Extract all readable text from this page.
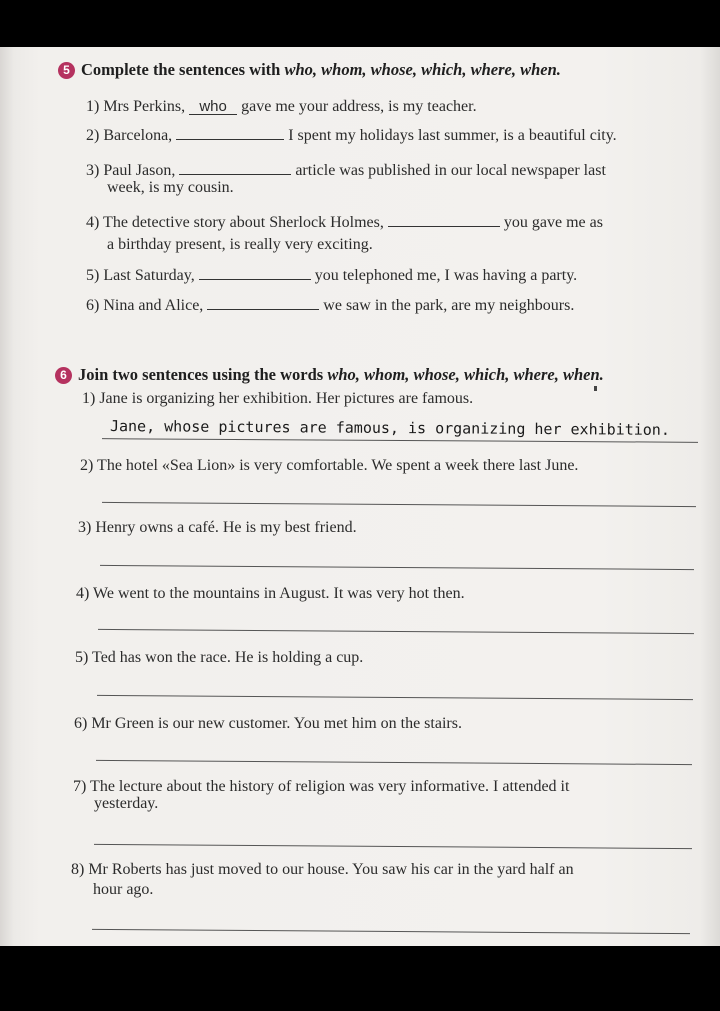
5 Complete the sentences with who, whom, whose, which, where, when.
1) Mrs Perkins, who gave me your address, is my teacher.
2) Barcelona,	I spent my holidays last summer, is a beautiful city.
3) Paul Jason,	article was published in our local newspaper last
week, is my cousin.
4) The detective story about Sherlock Holmes,	you gave me as
a birthday present, is really very exciting.
5) Last Saturday,	you telephoned me, I was having a party.
6) Nina and Alice,	we saw in the park, are my neighbours.
6 Join two sentences using the words who, whom, whose, which, where, when.
1) Jane is organizing her exhibition. Her pictures are famous.
Jane, whose pictures are famous, is organizing her exhibition.
2) The hotel «Sea Lion» is very comfortable. We spent a week there last June.
3) Henry owns a café. He is my best friend.
4) We went to the mountains in August. It was very hot then.
5) Ted has won the race. He is holding a cup.
6) Mr Green is our new customer. You met him on the stairs.
7) The lecture about the history of religion was very informative. I attended it
yesterday.
8) Mr Roberts has just moved to our house. You saw his car in the yard half an
hour ago.
